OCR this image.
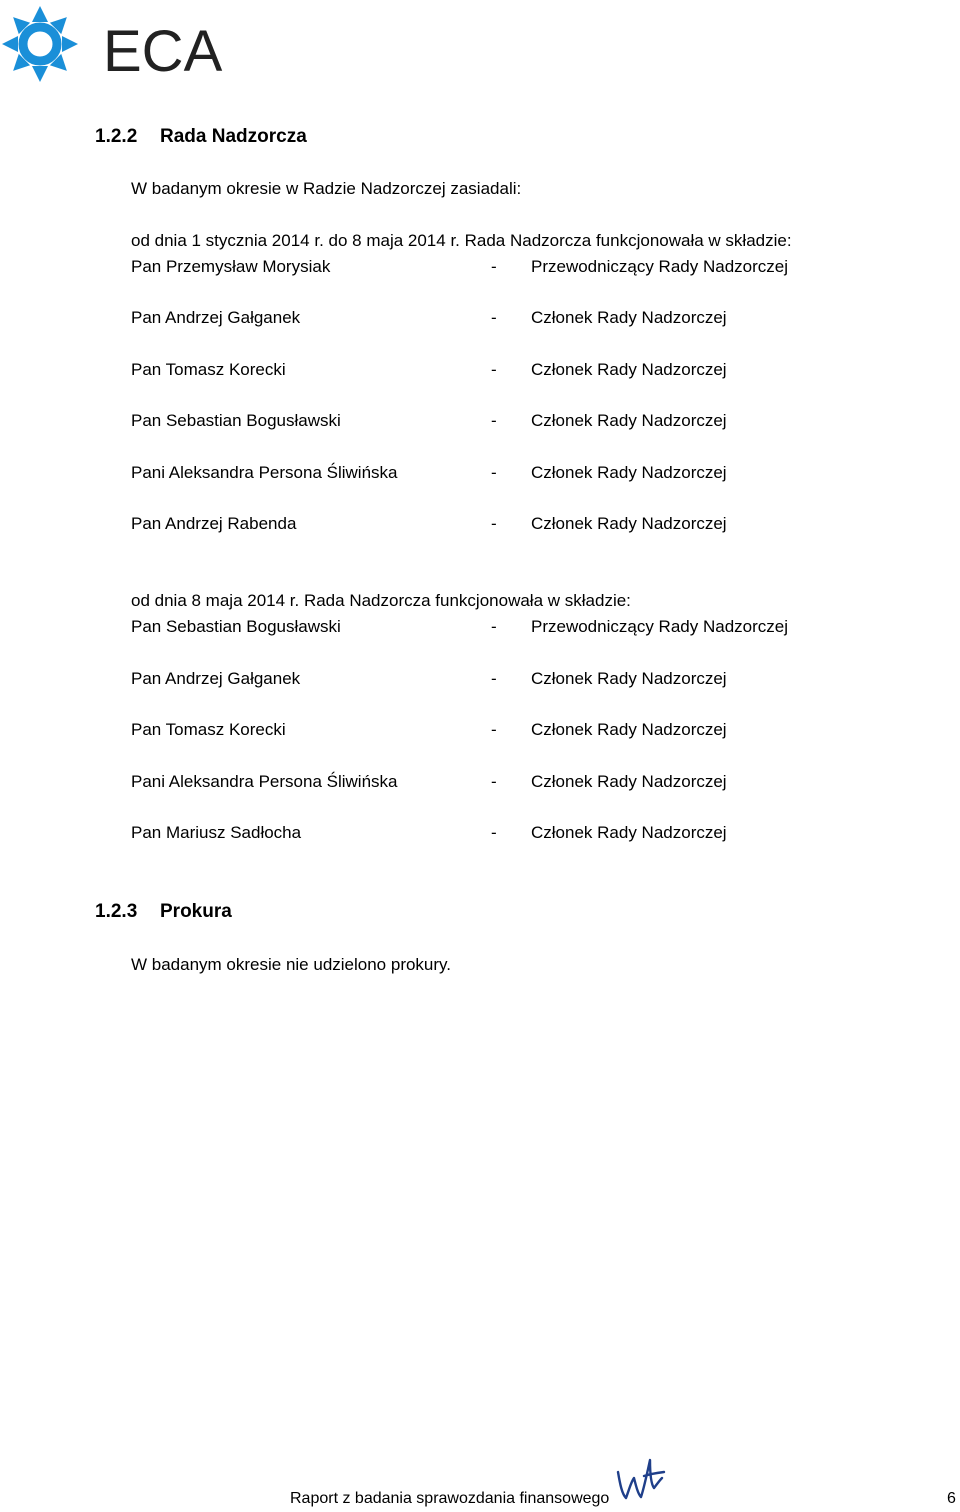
ECA
1.2.2 Rada Nadzorcza
W badanym okresie w Radzie Nadzorczej zasiadali:
od dnia 1 stycznia 2014 r. do 8 maja 2014 r. Rada Nadzorcza funkcjonowała w składzie:
Pan Przemysław Morysiak	- Przewodniczący Rady Nadzorczej
Pan Andrzej Gałganek	- Członek Rady Nadzorczej
Pan Tomasz Korecki	- Członek Rady Nadzorczej
Pan Sebastian Bogusławski	- Członek Rady Nadzorczej
Pani Aleksandra Persona Śliwińska	- Członek Rady Nadzorczej
Pan Andrzej Rabenda	- Członek Rady Nadzorczej
od dnia 8 maja 2014 r. Rada Nadzorcza funkcjonowała w składzie:
Pan Sebastian Bogusławski	- Przewodniczący Rady Nadzorczej
Pan Andrzej Gałganek	- Członek Rady Nadzorczej
Pan Tomasz Korecki	- Członek Rady Nadzorczej
Pani Aleksandra Persona Śliwińska	- Członek Rady Nadzorczej
Pan Mariusz Sadłocha	- Członek Rady Nadzorczej
1.2.3 Prokura
W badanym okresie nie udzielono prokury.
Raport z badania sprawozdania finansowego	6
